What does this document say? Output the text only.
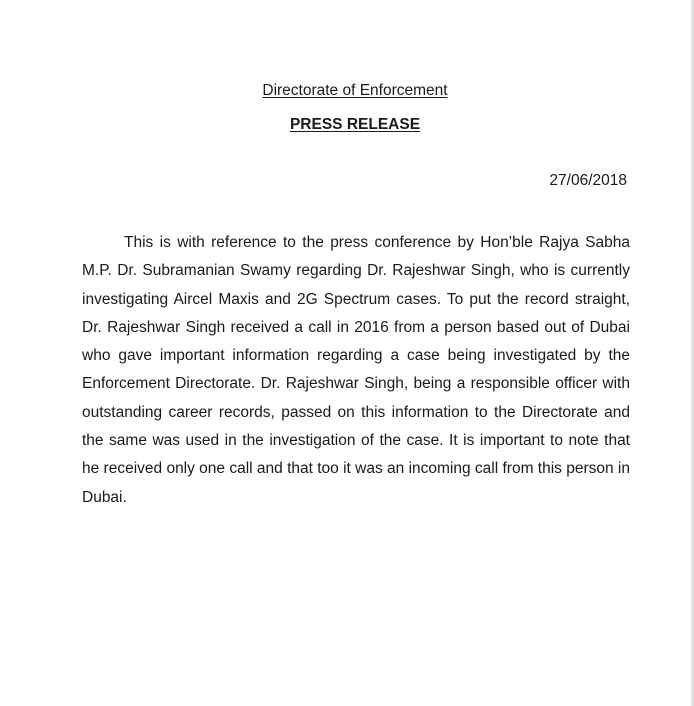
Directorate of Enforcement
PRESS RELEASE
27/06/2018

This is with reference to the press conference by Hon’ble Rajya Sabha M.P. Dr. Subramanian Swamy regarding Dr. Rajeshwar Singh, who is currently investigating Aircel Maxis and 2G Spectrum cases. To put the record straight, Dr. Rajeshwar Singh received a call in 2016 from a person based out of Dubai who gave important information regarding a case being investigated by the Enforcement Directorate. Dr. Rajeshwar Singh, being a responsible officer with outstanding career records, passed on this information to the Directorate and the same was used in the investigation of the case. It is important to note that he received only one call and that too it was an incoming call from this person in Dubai.
